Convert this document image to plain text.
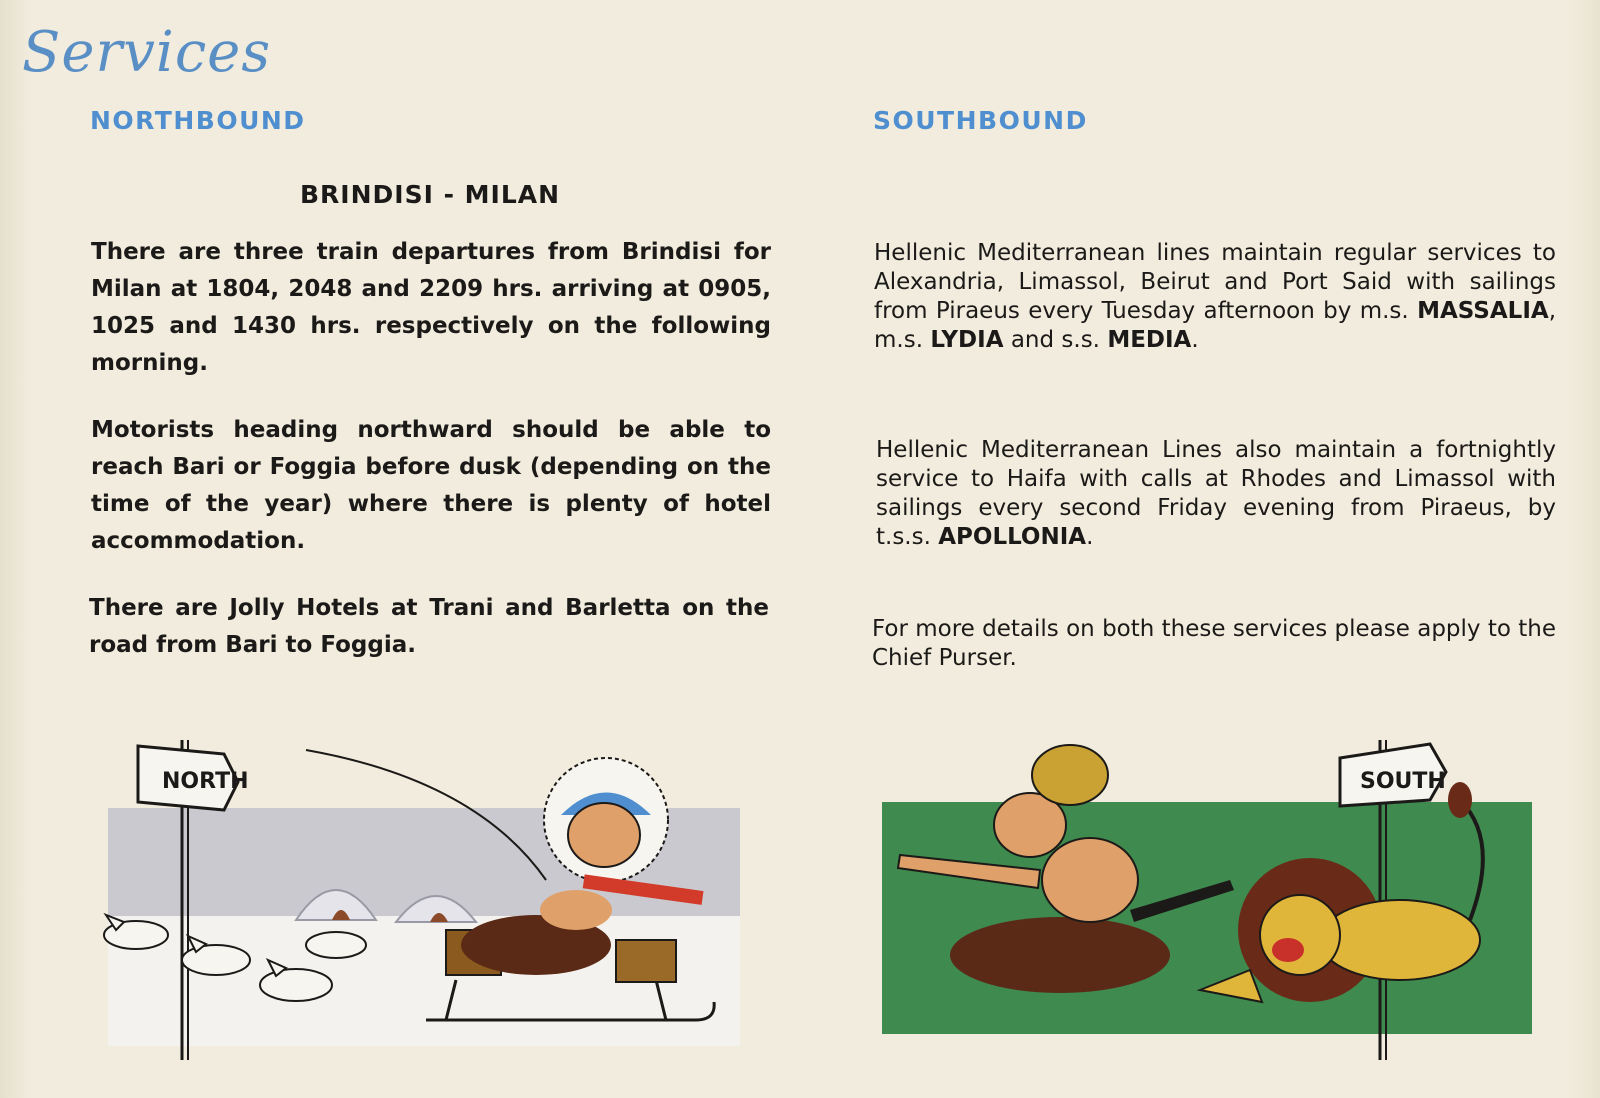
Services
NORTHBOUND
BRINDISI - MILAN
There are three train departures from Brindisi for Milan at 1804, 2048 and 2209 hrs. arriving at 0905, 1025 and 1430 hrs. respectively on the following morning.
Motorists heading northward should be able to reach Bari or Foggia before dusk (depending on the time of the year) where there is plenty of hotel accommodation.
There are Jolly Hotels at Trani and Barletta on the road from Bari to Foggia.
SOUTHBOUND
Hellenic Mediterranean lines maintain regular services to Alexandria, Limassol, Beirut and Port Said with sailings from Piraeus every Tuesday afternoon by m.s. MASSALIA, m.s. LYDIA and s.s. MEDIA.
Hellenic Mediterranean Lines also maintain a fortnightly service to Haifa with calls at Rhodes and Limassol with sailings every second Friday evening from Piraeus, by t.s.s. APOLLONIA.
For more details on both these services please apply to the Chief Purser.
NORTH	SOUTH
